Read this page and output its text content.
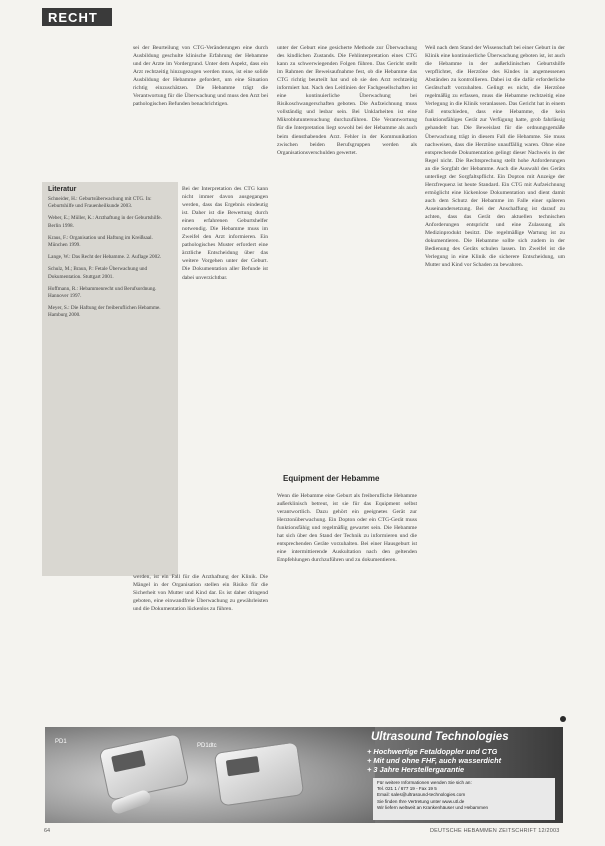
RECHT

sei der Beurteilung von CTG-Veränderungen eine durch Ausbildung geschulte klinische Erfahrung der Hebamme und der Arzte im Vordergrund. Unter dem Aspekt, dass ein Arzt rechtzeitig hinzugezogen werden muss, ist eine solide Ausbildung der Hebamme gefordert, um eine Situation richtig einzuschätzen. Die Hebamme trägt die Verantwortung für die Überwachung und muss den Arzt bei pathologischen Befunden benachrichtigen.

Literatur

Schneider, H.: Geburtsüberwachung mit CTG. In: Geburtshilfe und Frauenheilkunde 2003.

Weber, E.; Müller, K.: Arzthaftung in der Geburtshilfe. Berlin 1998.

Kraus, F.: Organisation und Haftung im Kreißsaal. München 1999.

Lange, W.: Das Recht der Hebamme. 2. Auflage 2002.

Schulz, M.; Braun, P.: Fetale Überwachung und Dokumentation. Stuttgart 2001.

Hoffmann, R.: Hebammenrecht und Berufsordnung. Hannover 1997.

Meyer, S.: Die Haftung der freiberuflichen Hebamme. Hamburg 2000.

Bei der Interpretation des CTG kann nicht immer davon ausgegangen werden, dass das Ergebnis eindeutig ist. Daher ist die Bewertung durch einen erfahrenen Geburtshelfer notwendig. Die Hebamme muss im Zweifel den Arzt informieren. Ein pathologisches Muster erfordert eine ärztliche Entscheidung über das weitere Vorgehen unter der Geburt. Die Dokumentation aller Befunde ist dabei unverzichtbar.

werden, ist ein Fall für die Arzthaftung der Klinik. Die Mängel in der Organisation stellen ein Risiko für die Sicherheit von Mutter und Kind dar. Es ist daher dringend geboten, eine einwandfreie Überwachung zu gewährleisten und die Dokumentation lückenlos zu führen.

unter der Geburt eine gesicherte Methode zur Überwachung des kindlichen Zustands. Die Fehlinterpretation eines CTG kann zu schwerwiegenden Folgen führen. Das Gericht stellt im Rahmen der Beweisaufnahme fest, ob die Hebamme das CTG richtig beurteilt hat und ob sie den Arzt rechtzeitig informiert hat. Nach den Leitlinien der Fachgesellschaften ist eine kontinuierliche Überwachung bei Risikoschwangerschaften geboten. Die Aufzeichnung muss vollständig und lesbar sein. Bei Unklarheiten ist eine Mikroblutuntersuchung durchzuführen. Die Verantwortung für die Interpretation liegt sowohl bei der Hebamme als auch beim diensthabenden Arzt. Fehler in der Kommunikation zwischen beiden Berufsgruppen werden als Organisationsverschulden gewertet.

Equipment der Hebamme

Wenn die Hebamme eine Geburt als freiberufliche Hebamme außerklinisch betreut, ist sie für das Equipment selbst verantwortlich. Dazu gehört ein geeignetes Gerät zur Herztonüberwachung. Ein Dopton oder ein CTG-Gerät muss funktionsfähig und regelmäßig gewartet sein. Die Hebamme hat sich über den Stand der Technik zu informieren und die entsprechenden Geräte vorzuhalten. Bei einer Hausgeburt ist eine intermittierende Auskultation nach den geltenden Empfehlungen durchzuführen und zu dokumentieren.

Weil nach dem Stand der Wissenschaft bei einer Geburt in der Klinik eine kontinuierliche Überwachung geboten ist, ist auch die Hebamme in der außerklinischen Geburtshilfe verpflichtet, die Herztöne des Kindes in angemessenen Abständen zu kontrollieren. Dabei ist die dafür erforderliche Gerätschaft vorzuhalten. Gelingt es nicht, die Herztöne regelmäßig zu erfassen, muss die Hebamme rechtzeitig eine Verlegung in die Klinik veranlassen. Das Gericht hat in einem Fall entschieden, dass eine Hebamme, die kein funktionsfähiges Gerät zur Verfügung hatte, grob fahrlässig gehandelt hat. Die Beweislast für die ordnungsgemäße Überwachung trägt in diesem Fall die Hebamme. Sie muss nachweisen, dass die Herztöne unauffällig waren. Ohne eine entsprechende Dokumentation gelingt dieser Nachweis in der Regel nicht. Die Rechtsprechung stellt hohe Anforderungen an die Sorgfalt der Hebamme. Auch die Auswahl des Geräts unterliegt der Sorgfaltspflicht. Ein Dopton mit Anzeige der Herzfrequenz ist heute Standard. Ein CTG mit Aufzeichnung ermöglicht eine lückenlose Dokumentation und dient damit auch dem Schutz der Hebamme im Falle einer späteren Auseinandersetzung. Bei der Anschaffung ist darauf zu achten, dass das Gerät den aktuellen technischen Anforderungen entspricht und eine Zulassung als Medizinprodukt besitzt. Die regelmäßige Wartung ist zu dokumentieren. Die Hebamme sollte sich zudem in der Bedienung des Geräts schulen lassen. Im Zweifel ist die Verlegung in eine Klinik die sicherere Entscheidung, um Mutter und Kind vor Schaden zu bewahren.

PD1
PD1dtc
Ultrasound Technologies
+ Hochwertige Fetaldoppler und CTG
+ Mit und ohne FHF, auch wasserdicht
+ 3 Jahre Herstellergarantie
Für weitere Informationen wenden Sie sich an:
Tel. 021 1 / 677 19 - Fax 19 5
Email: sales@ultrasound-technologies.com
Sie finden Ihre Vertretung unter www.utl.de
Wir liefern weltweit an Krankenhäuser und Hebammen
64	DEUTSCHE HEBAMMEN ZEITSCHRIFT 12/2003
